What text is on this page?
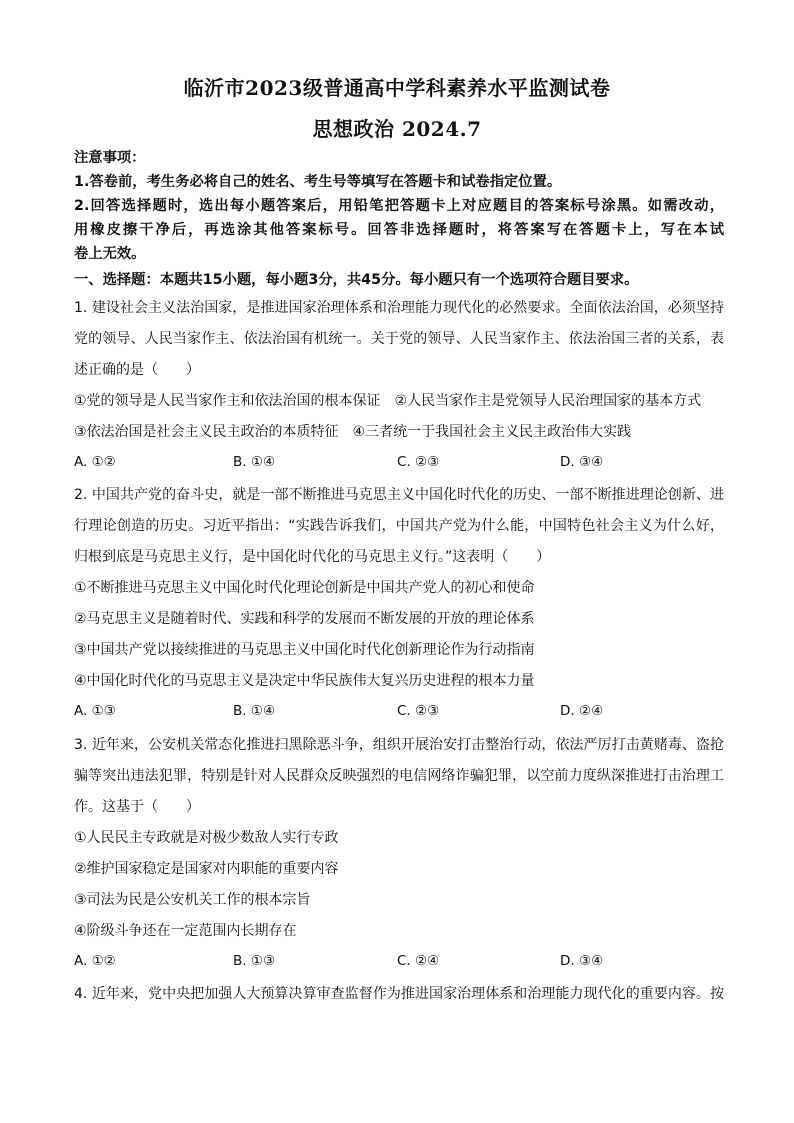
临沂市2023级普通高中学科素养水平监测试卷
思想政治 2024.7
注意事项：
1.答卷前，考生务必将自己的姓名、考生号等填写在答题卡和试卷指定位置。
2.回答选择题时，选出每小题答案后，用铅笔把答题卡上对应题目的答案标号涂黑。如需改动，
用橡皮擦干净后，再选涂其他答案标号。回答非选择题时，将答案写在答题卡上，写在本试
卷上无效。
一、选择题：本题共15小题，每小题3分，共45分。每小题只有一个选项符合题目要求。
1. 建设社会主义法治国家，是推进国家治理体系和治理能力现代化的必然要求。全面依法治国，必须坚持
党的领导、人民当家作主、依法治国有机统一。关于党的领导、人民当家作主、依法治国三者的关系，表
述正确的是（　　）
①党的领导是人民当家作主和依法治国的根本保证　②人民当家作主是党领导人民治理国家的基本方式
③依法治国是社会主义民主政治的本质特征　④三者统一于我国社会主义民主政治伟大实践
A. ①②	B. ①④	C. ②③	D. ③④
2. 中国共产党的奋斗史，就是一部不断推进马克思主义中国化时代化的历史、一部不断推进理论创新、进
行理论创造的历史。习近平指出：“实践告诉我们，中国共产党为什么能，中国特色社会主义为什么好，
归根到底是马克思主义行，是中国化时代化的马克思主义行。”这表明（　　）
①不断推进马克思主义中国化时代化理论创新是中国共产党人的初心和使命
②马克思主义是随着时代、实践和科学的发展而不断发展的开放的理论体系
③中国共产党以接续推进的马克思主义中国化时代化创新理论作为行动指南
④中国化时代化的马克思主义是决定中华民族伟大复兴历史进程的根本力量
A. ①③	B. ①④	C. ②③	D. ②④
3. 近年来，公安机关常态化推进扫黑除恶斗争，组织开展治安打击整治行动，依法严厉打击黄赌毒、盗抢
骗等突出违法犯罪，特别是针对人民群众反映强烈的电信网络诈骗犯罪，以空前力度纵深推进打击治理工
作。这基于（　　）
①人民民主专政就是对极少数敌人实行专政
②维护国家稳定是国家对内职能的重要内容
③司法为民是公安机关工作的根本宗旨
④阶级斗争还在一定范围内长期存在
A. ①②	B. ①③	C. ②④	D. ③④
4. 近年来，党中央把加强人大预算决算审查监督作为推进国家治理体系和治理能力现代化的重要内容。按
